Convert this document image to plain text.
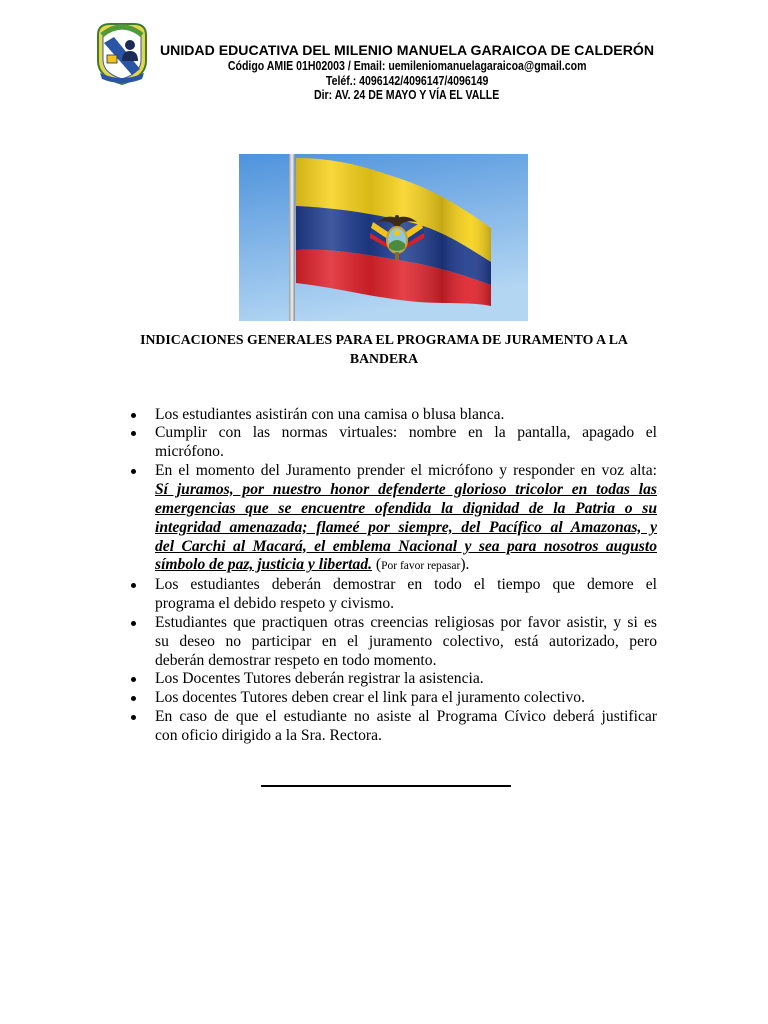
UNIDAD EDUCATIVA DEL MILENIO MANUELA GARAICOA DE CALDERÓN
Código AMIE 01H02003 / Email: uemileniomanuelagaraicoa@gmail.com
Teléf.: 4096142/4096147/4096149
Dir: AV. 24 DE MAYO Y VÍA EL VALLE
INDICACIONES GENERALES PARA EL PROGRAMA DE JURAMENTO A LA BANDERA
Los estudiantes asistirán con una camisa o blusa blanca.
Cumplir con las normas virtuales: nombre en la pantalla, apagado el
micrófono.
En el momento del Juramento prender el micrófono y responder en voz alta:
Sí juramos, por nuestro honor defenderte glorioso tricolor en todas las
emergencias que se encuentre ofendida la dignidad de la Patria o su
integridad amenazada; flameé por siempre, del Pacífico al Amazonas, y
del Carchi al Macará, el emblema Nacional y sea para nosotros augusto
símbolo de paz, justicia y libertad. (Por favor repasar).
Los estudiantes deberán demostrar en todo el tiempo que demore el
programa el debido respeto y civismo.
Estudiantes que practiquen otras creencias religiosas por favor asistir, y si es
su deseo no participar en el juramento colectivo, está autorizado, pero
deberán demostrar respeto en todo momento.
Los Docentes Tutores deberán registrar la asistencia.
Los docentes Tutores deben crear el link para el juramento colectivo.
En caso de que el estudiante no asiste al Programa Cívico deberá justificar
con oficio dirigido a la Sra. Rectora.
